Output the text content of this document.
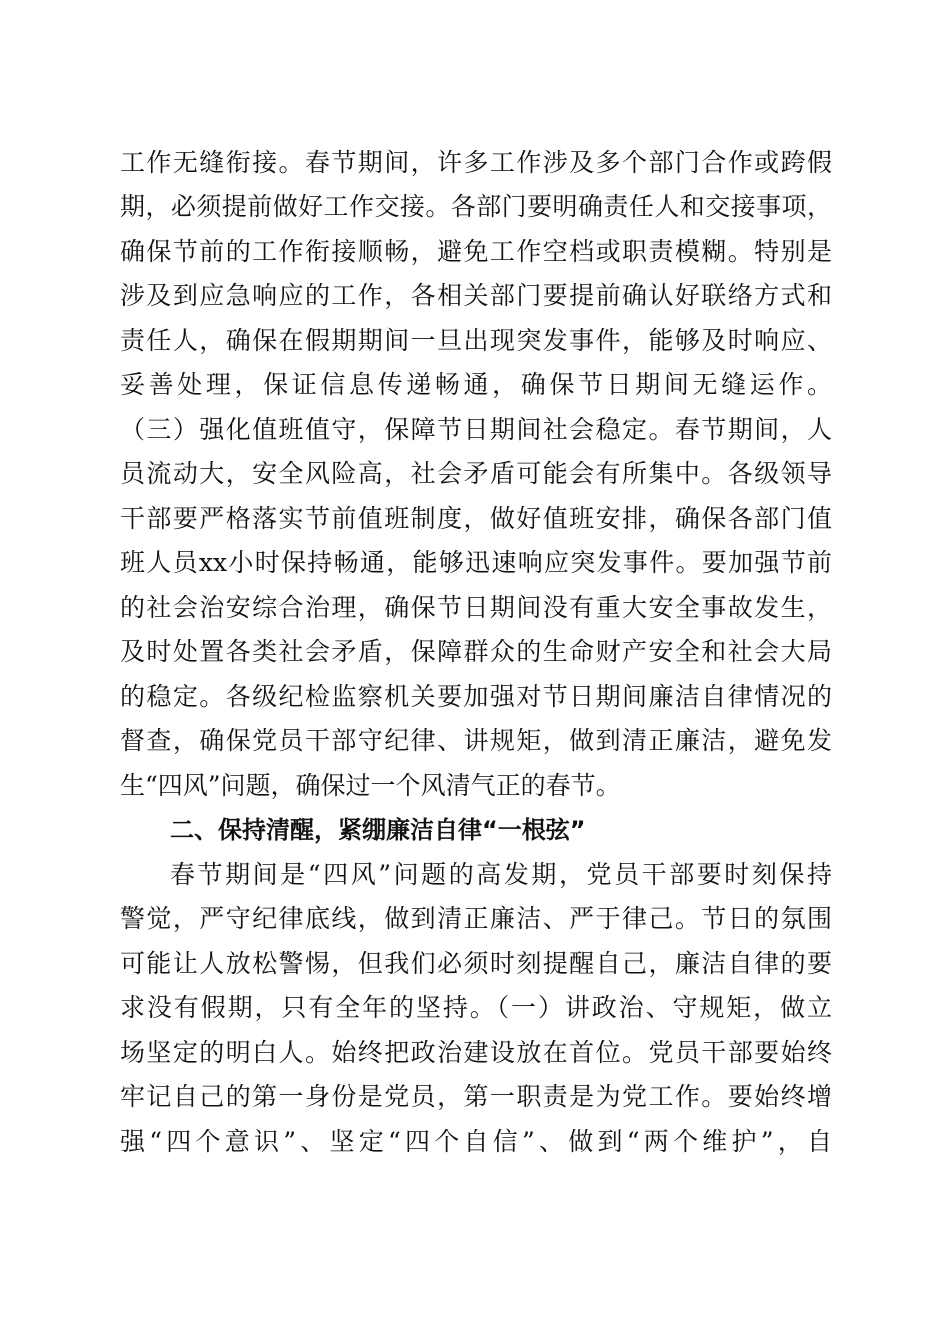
工作无缝衔接。春节期间，许多工作涉及多个部门合作或跨假
期，必须提前做好工作交接。各部门要明确责任人和交接事项，
确保节前的工作衔接顺畅，避免工作空档或职责模糊。特别是
涉及到应急响应的工作，各相关部门要提前确认好联络方式和
责任人，确保在假期期间一旦出现突发事件，能够及时响应、
妥善处理，保证信息传递畅通，确保节日期间无缝运作。
（三）强化值班值守，保障节日期间社会稳定。春节期间，人
员流动大，安全风险高，社会矛盾可能会有所集中。各级领导
干部要严格落实节前值班制度，做好值班安排，确保各部门值
班人员xx小时保持畅通，能够迅速响应突发事件。要加强节前
的社会治安综合治理，确保节日期间没有重大安全事故发生，
及时处置各类社会矛盾，保障群众的生命财产安全和社会大局
的稳定。各级纪检监察机关要加强对节日期间廉洁自律情况的
督查，确保党员干部守纪律、讲规矩，做到清正廉洁，避免发
生“四风”问题，确保过一个风清气正的春节。
二、保持清醒，紧绷廉洁自律“一根弦”
春节期间是“四风”问题的高发期，党员干部要时刻保持
警觉，严守纪律底线，做到清正廉洁、严于律己。节日的氛围
可能让人放松警惕，但我们必须时刻提醒自己，廉洁自律的要
求没有假期，只有全年的坚持。（一）讲政治、守规矩，做立
场坚定的明白人。始终把政治建设放在首位。党员干部要始终
牢记自己的第一身份是党员，第一职责是为党工作。要始终增
强“四个意识”、坚定“四个自信”、做到“两个维护”，自
